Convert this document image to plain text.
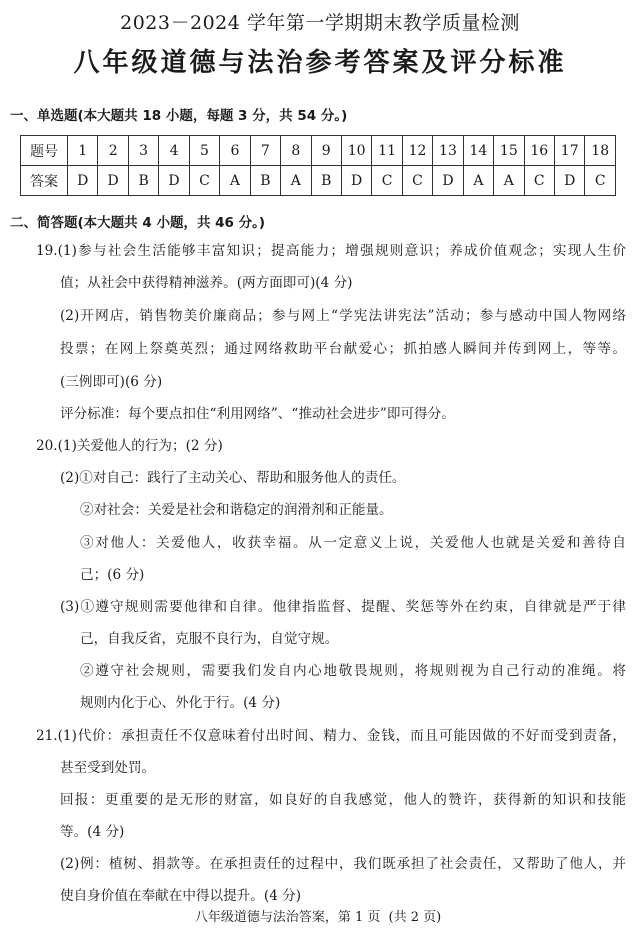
2023－2024 学年第一学期期末教学质量检测
八年级道德与法治参考答案及评分标准
一、单选题(本大题共 18 小题，每题 3 分，共 54 分。)
题号	1	2	3	4	5	6	7	8	9	10	11	12	13	14	15	16	17	18
答案	D	D	B	D	C	A	B	A	B	D	C	C	D	A	A	C	D	C
二、简答题(本大题共 4 小题，共 46 分。)
19.(1)参与社会生活能够丰富知识；提高能力；增强规则意识；养成价值观念；实现人生价
值；从社会中获得精神滋养。(两方面即可)(4 分)
(2)开网店，销售物美价廉商品；参与网上“学宪法讲宪法”活动；参与感动中国人物网络
投票；在网上祭奠英烈；通过网络救助平台献爱心；抓拍感人瞬间并传到网上，等等。
(三例即可)(6 分)
评分标准：每个要点扣住“利用网络”、“推动社会进步”即可得分。
20.(1)关爱他人的行为；(2 分)
(2)①对自己：践行了主动关心、帮助和服务他人的责任。
②对社会：关爱是社会和谐稳定的润滑剂和正能量。
③对他人：关爱他人，收获幸福。从一定意义上说，关爱他人也就是关爱和善待自
己；(6 分)
(3)①遵守规则需要他律和自律。他律指监督、提醒、奖惩等外在约束，自律就是严于律
己，自我反省，克服不良行为，自觉守规。
②遵守社会规则，需要我们发自内心地敬畏规则，将规则视为自己行动的准绳。将
规则内化于心、外化于行。(4 分)
21.(1)代价：承担责任不仅意味着付出时间、精力、金钱，而且可能因做的不好而受到责备，
甚至受到处罚。
回报：更重要的是无形的财富，如良好的自我感觉，他人的赞许，获得新的知识和技能
等。(4 分)
(2)例：植树、捐款等。在承担责任的过程中，我们既承担了社会责任，又帮助了他人，并
使自身价值在奉献在中得以提升。(4 分)
八年级道德与法治答案，第 1 页 (共 2 页)
